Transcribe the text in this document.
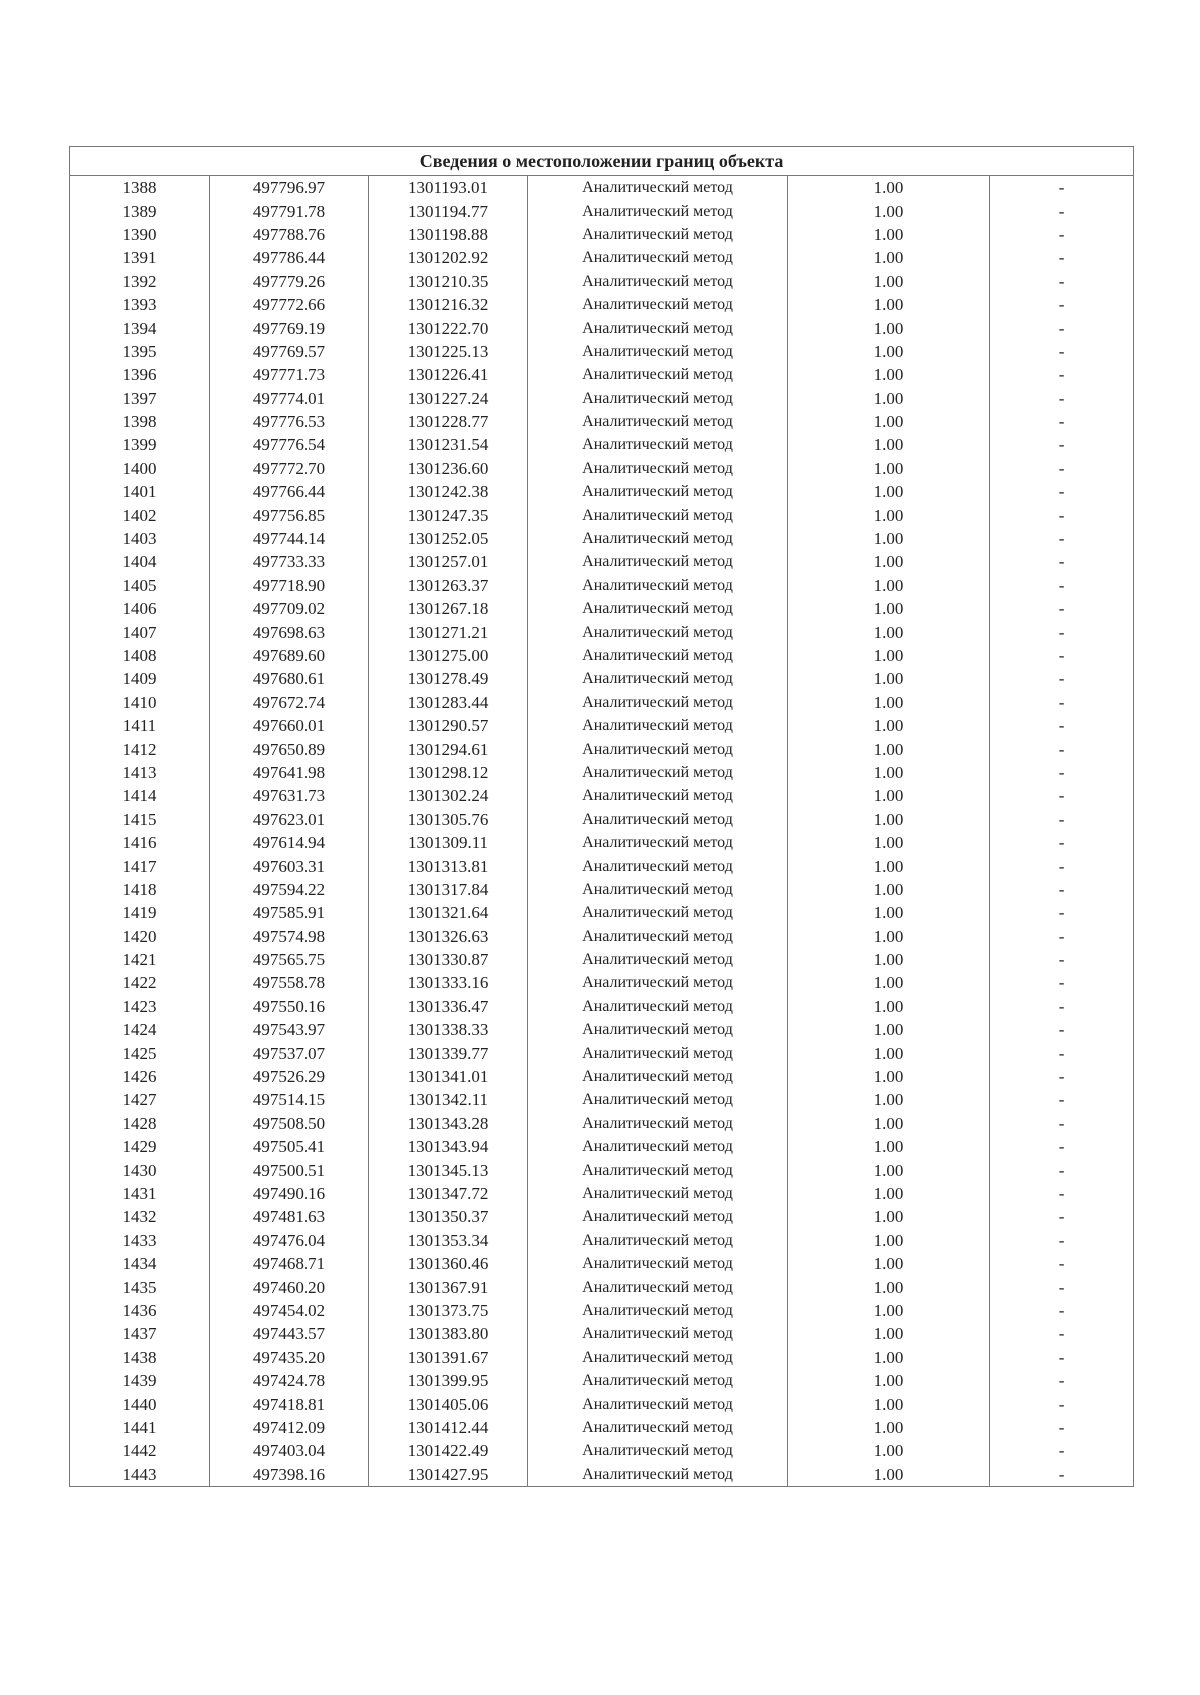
Сведения о местоположении границ объекта					
1388	497796.97	1301193.01	Аналитический метод	1.00	-
1389	497791.78	1301194.77	Аналитический метод	1.00	-
1390	497788.76	1301198.88	Аналитический метод	1.00	-
1391	497786.44	1301202.92	Аналитический метод	1.00	-
1392	497779.26	1301210.35	Аналитический метод	1.00	-
1393	497772.66	1301216.32	Аналитический метод	1.00	-
1394	497769.19	1301222.70	Аналитический метод	1.00	-
1395	497769.57	1301225.13	Аналитический метод	1.00	-
1396	497771.73	1301226.41	Аналитический метод	1.00	-
1397	497774.01	1301227.24	Аналитический метод	1.00	-
1398	497776.53	1301228.77	Аналитический метод	1.00	-
1399	497776.54	1301231.54	Аналитический метод	1.00	-
1400	497772.70	1301236.60	Аналитический метод	1.00	-
1401	497766.44	1301242.38	Аналитический метод	1.00	-
1402	497756.85	1301247.35	Аналитический метод	1.00	-
1403	497744.14	1301252.05	Аналитический метод	1.00	-
1404	497733.33	1301257.01	Аналитический метод	1.00	-
1405	497718.90	1301263.37	Аналитический метод	1.00	-
1406	497709.02	1301267.18	Аналитический метод	1.00	-
1407	497698.63	1301271.21	Аналитический метод	1.00	-
1408	497689.60	1301275.00	Аналитический метод	1.00	-
1409	497680.61	1301278.49	Аналитический метод	1.00	-
1410	497672.74	1301283.44	Аналитический метод	1.00	-
1411	497660.01	1301290.57	Аналитический метод	1.00	-
1412	497650.89	1301294.61	Аналитический метод	1.00	-
1413	497641.98	1301298.12	Аналитический метод	1.00	-
1414	497631.73	1301302.24	Аналитический метод	1.00	-
1415	497623.01	1301305.76	Аналитический метод	1.00	-
1416	497614.94	1301309.11	Аналитический метод	1.00	-
1417	497603.31	1301313.81	Аналитический метод	1.00	-
1418	497594.22	1301317.84	Аналитический метод	1.00	-
1419	497585.91	1301321.64	Аналитический метод	1.00	-
1420	497574.98	1301326.63	Аналитический метод	1.00	-
1421	497565.75	1301330.87	Аналитический метод	1.00	-
1422	497558.78	1301333.16	Аналитический метод	1.00	-
1423	497550.16	1301336.47	Аналитический метод	1.00	-
1424	497543.97	1301338.33	Аналитический метод	1.00	-
1425	497537.07	1301339.77	Аналитический метод	1.00	-
1426	497526.29	1301341.01	Аналитический метод	1.00	-
1427	497514.15	1301342.11	Аналитический метод	1.00	-
1428	497508.50	1301343.28	Аналитический метод	1.00	-
1429	497505.41	1301343.94	Аналитический метод	1.00	-
1430	497500.51	1301345.13	Аналитический метод	1.00	-
1431	497490.16	1301347.72	Аналитический метод	1.00	-
1432	497481.63	1301350.37	Аналитический метод	1.00	-
1433	497476.04	1301353.34	Аналитический метод	1.00	-
1434	497468.71	1301360.46	Аналитический метод	1.00	-
1435	497460.20	1301367.91	Аналитический метод	1.00	-
1436	497454.02	1301373.75	Аналитический метод	1.00	-
1437	497443.57	1301383.80	Аналитический метод	1.00	-
1438	497435.20	1301391.67	Аналитический метод	1.00	-
1439	497424.78	1301399.95	Аналитический метод	1.00	-
1440	497418.81	1301405.06	Аналитический метод	1.00	-
1441	497412.09	1301412.44	Аналитический метод	1.00	-
1442	497403.04	1301422.49	Аналитический метод	1.00	-
1443	497398.16	1301427.95	Аналитический метод	1.00	-
